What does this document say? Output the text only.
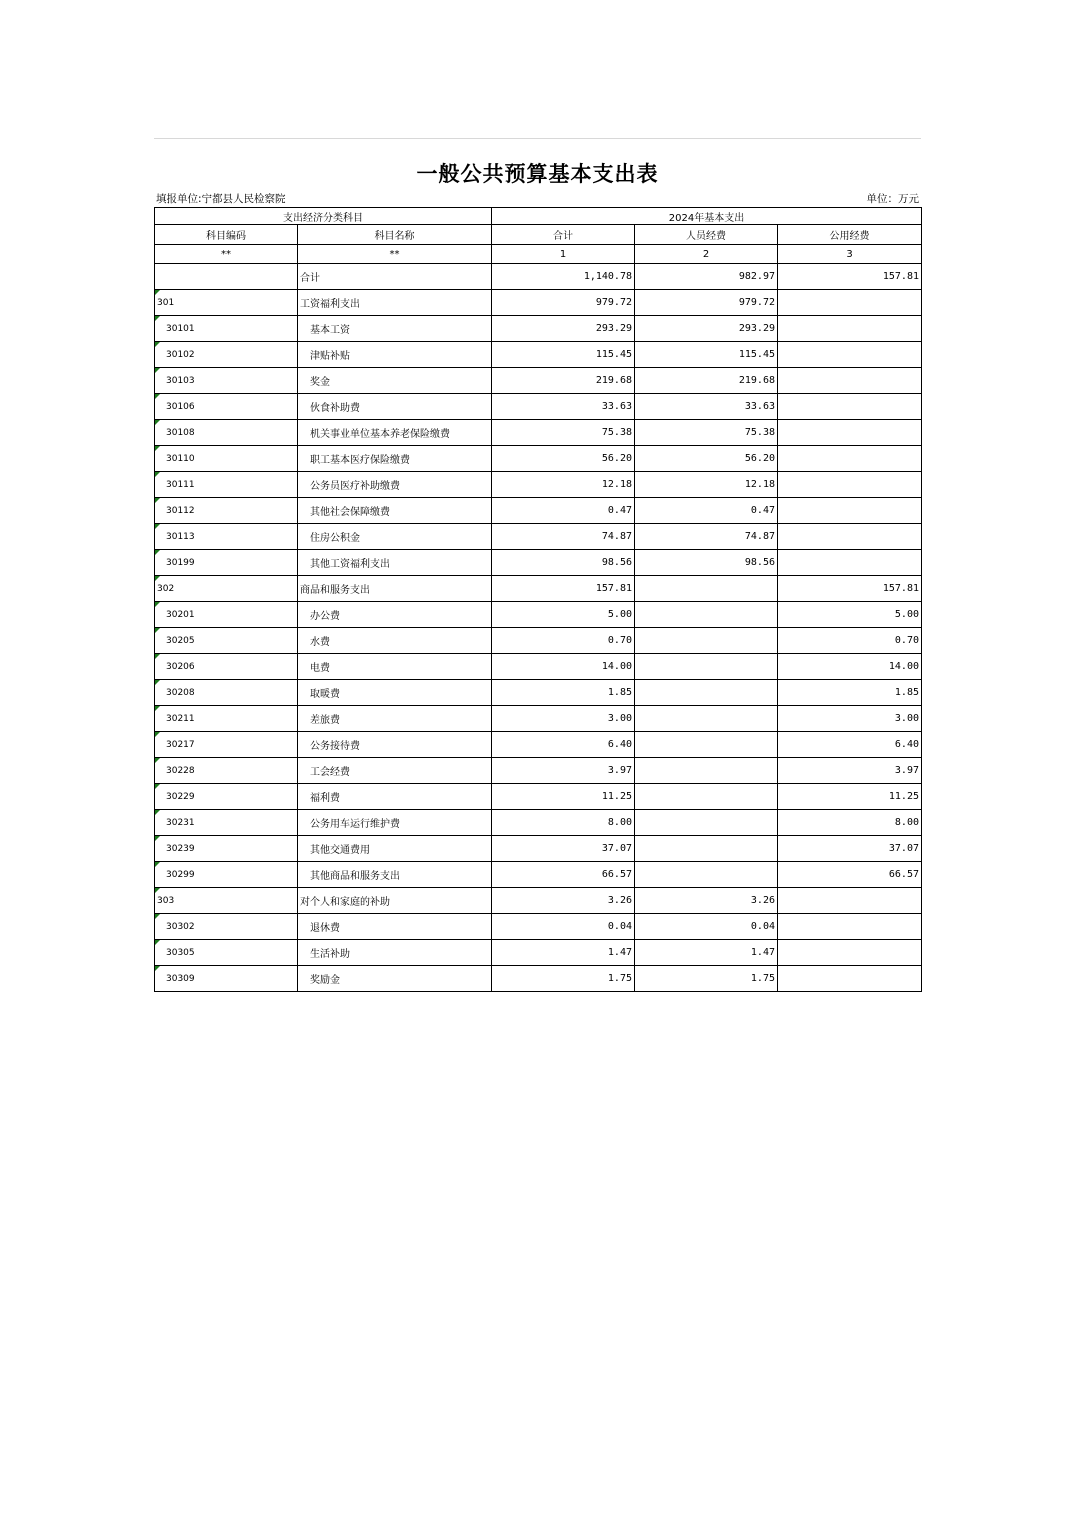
一般公共预算基本支出表
填报单位:宁都县人民检察院	单位：万元
支出经济分类科目		2024年基本支出		
科目编码	科目名称	合计	人员经费	公用经费
**	**	1	2	3
	合计	1,140.78	982.97	157.81
301	工资福利支出	979.72	979.72	
30101	基本工资	293.29	293.29	
30102	津贴补贴	115.45	115.45	
30103	奖金	219.68	219.68	
30106	伙食补助费	33.63	33.63	
30108	机关事业单位基本养老保险缴费	75.38	75.38	
30110	职工基本医疗保险缴费	56.20	56.20	
30111	公务员医疗补助缴费	12.18	12.18	
30112	其他社会保障缴费	0.47	0.47	
30113	住房公积金	74.87	74.87	
30199	其他工资福利支出	98.56	98.56	
302	商品和服务支出	157.81		157.81
30201	办公费	5.00		5.00
30205	水费	0.70		0.70
30206	电费	14.00		14.00
30208	取暖费	1.85		1.85
30211	差旅费	3.00		3.00
30217	公务接待费	6.40		6.40
30228	工会经费	3.97		3.97
30229	福利费	11.25		11.25
30231	公务用车运行维护费	8.00		8.00
30239	其他交通费用	37.07		37.07
30299	其他商品和服务支出	66.57		66.57
303	对个人和家庭的补助	3.26	3.26	
30302	退休费	0.04	0.04	
30305	生活补助	1.47	1.47	
30309	奖励金	1.75	1.75	
